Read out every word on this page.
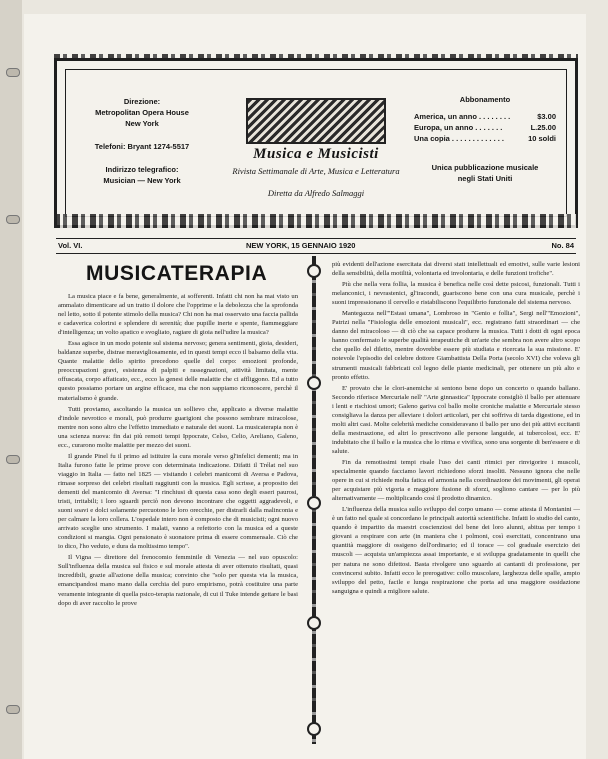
Direzione:
Metropolitan Opera House
New York
Telefoni: Bryant 1274-5517
Indirizzo telegrafico:
Musician — New York
Musica e Musicisti
Rivista Settimanale di Arte, Musica e Letteratura
Diretta da Alfredo Salmaggi
Abbonamento
America, un anno . . . . . . . .	$3.00
Europa, un anno . . . . . . .	L.25.00
Una copia . . . . . . . . . . . . .	10 soldi
Unica pubblicazione musicale
negli Stati Uniti
Vol. VI.	NEW YORK, 15 GENNAIO 1920	No. 84
MUSICATERAPIA

La musica piace e fa bene, generalmente, ai sofferenti. Infatti chi non ha mai visto un ammalato dimenticare ad un tratto il dolore che l'opprime e la debolezza che la sprofonda nel letto, sotto il potente stimolo della musica? Chi non ha mai osservato una faccia pallida e cadaverica colorirsi e splendere di serenità; due pupille inerte e spente, fiammeggiare d'intelligenza; un volto apatico e svogliato, ragiare di gioia nell'udire la musica?

Essa agisce in un modo potente sul sistema nervoso; genera sentimenti, gioia, desideri, baldanze superbe, distrae meravigliosamente, ed in questi tempi ecco il balsamo della vita. Quante malattie dello spirito precedono quelle del corpo: emozioni profonde, preoccupazioni gravi, esistenza di palpiti e rassegnazioni, attività limitata, mente offuscata, corpo affaticato, ecc., ecco la genesi delle malattie che ci affliggono. Ed a tutto questo possiamo portare un argine efficace, ma che non sappiamo riconoscere, perchè il materialismo è grande.

Tutti proviamo, ascoltando la musica un sollievo che, applicato a diverse malattie d'indole nevrotico e morali, può produrre guarigioni che possono sembrare miracolose, mentre non sono altro che l'effetto immediato e naturale dei suoni. La musicaterapia non è una scienza nuova: fin dai più remoti tempi Ippocrate, Celso, Celio, Areliano, Galeno, ecc., curarono molte malattie per mezzo dei suoni.

Il grande Pinel fu il primo ad istituire la cura morale verso gl'infelici dementi; ma in Italia furono fatte le prime prove con determinata indicazione. Difatti il Trélat nel suo viaggio in Italia — fatto nel 1825 — visitando i celebri manicomi di Aversa e Padova, rimase sorpreso dei celebri risultati raggiunti con la musica. Egli scrisse, a proposito dei dementi del manicomio di Aversa: "I rinchiusi di questa casa sono degli esseri paurosi, tristi, irritabili; i loro sguardi perciò non devono incontrare che oggetti aggradevoli, e suoni soavi e dolci solamente percuotono le loro orecchie, per distrarli dalla malinconia e per calmare la loro collera. L'ospedale intero non è composto che di musicisti; ogni nuovo arrivato sceglie uno strumento. I malati, vanno a refettorio con la musica ed a queste condizioni si mangia. Ogni pensionato è suonatore prima di essere commensale. Ciò che io dico, l'ho veduto, e dura da moltissimo tempo".

Il Vigna — direttore del frenocomio femminile di Venezia — nel suo opuscolo: Sull'influenza della musica sul fisico e sul morale attesta di aver ottenuto risultati, quasi incredibili, grazie all'azione della musica; convinto che "solo per questa via la musica, emancipandosi mano mano dalla cerchia del puro empirismo, potrà costituire una parte veramente integrante di quella psico-terapia razionale, di cui il Tuke intende gettare le basi dopo di aver raccolto le prove

più evidenti dell'azione esercitata dai diversi stati intellettuali ed emotivi, sulle varie lesioni della sensibilità, della motilità, volontaria ed involontaria, e delle funzioni trofiche".

Più che nella vera follia, la musica è benefica nelle così dette psicosi, funzionali. Tutti i melanconici, i nevrastenici, gl'iracondi, guariscono bene con una cura musicale, perchè i suoni impressionano il cervello e ristabiliscono l'equilibrio funzionale del sistema nervoso.

Mantegazza nell'"Estasi umana", Lombroso in "Genio e follia", Sergi nell'"Emozioni", Patrizi nella "Fisiologia delle emozioni musicali", ecc. registrano fatti straordinari — che danno del miracoloso — di ciò che sa capace produrre la musica. Tutti i dotti di ogni epoca hanno confermato le superbe qualità terapeutiche di un'arte che sembra non avere altro scopo che quello del diletto, mentre dovrebbe essere più studiata e ricercata la sua missione. E' notevole l'episodio del celebre dottore Giambattista Della Porta (secolo XVI) che volevа gli strumenti musicali fabbricati col legno delle piante medicinali, per ottenere un più alto e pronto effetto.

E' provato che le clori-anemiche si sentono bene dopo un concerto o quando ballano. Secondo riferisce Mercuriale nell' "Arte ginnastica" Ippocrate consigliò il ballo per attenuare i lenti e rischiosi umori; Galeno gariva col ballo molte croniche malattie e Mercuriale stesso consigliava la danza per alleviare i dolori articolari, per chi soffriva di tarda digestione, ed in molti altri casi. Molte celebrità mediche consideravano il ballo per uno dei più attivi eccitanti della mestruazione, ed altri lo prescrivono alle persone languide, ai tubercolosi, ecc. E' indubitato che il ballo e la musica che lo ritma e vivifica, sono una sorgente di ben'essere e di salute.

Fin da remotissimi tempi risale l'uso dei canti ritmici per rinvigorire i muscoli, specialmente quando facciamo lavori richiedono sforzi insoliti. Nessuno ignora che nelle opere in cui si richiede molta fatica ed armonia nella coordinazione dei movimenti, gli operai per acquistare più vigoria e maggiore fusione di sforzi, sogliono cantare — per lo più alternativamente — moltiplicando così il prodotto dinamico.

L'influenza della musica sullo sviluppo del corpo umano — come attesta il Montanini — è un fatto nel quale si concordano le principali autorità scientifiche. Infatti lo studio del canto, quando è impartito da maestri coscienziosi del bene dei loro alunni, abitua per tempo i giovani a respirare con arte (in maniera che i polmoni, così esercitati, concentrano una quantità maggiore di ossigeno dell'ordinario; ed il torace — col graduale esercizio dei muscoli — acquista un'ampiezza assai importante, e si sviluppa gradatamente in quelli che per natura ne sono difettosi. Basta rivolgere uno sguardo ai cantanti di professione, per convincersi subito. Infatti ecco le prerogative: collo muscolare, larghezza delle spalle, ampio sviluppo del petto, facile e lunga respirazione che porta ad una maggiore ossidazione sanguigna e quindi a migliore salute.
